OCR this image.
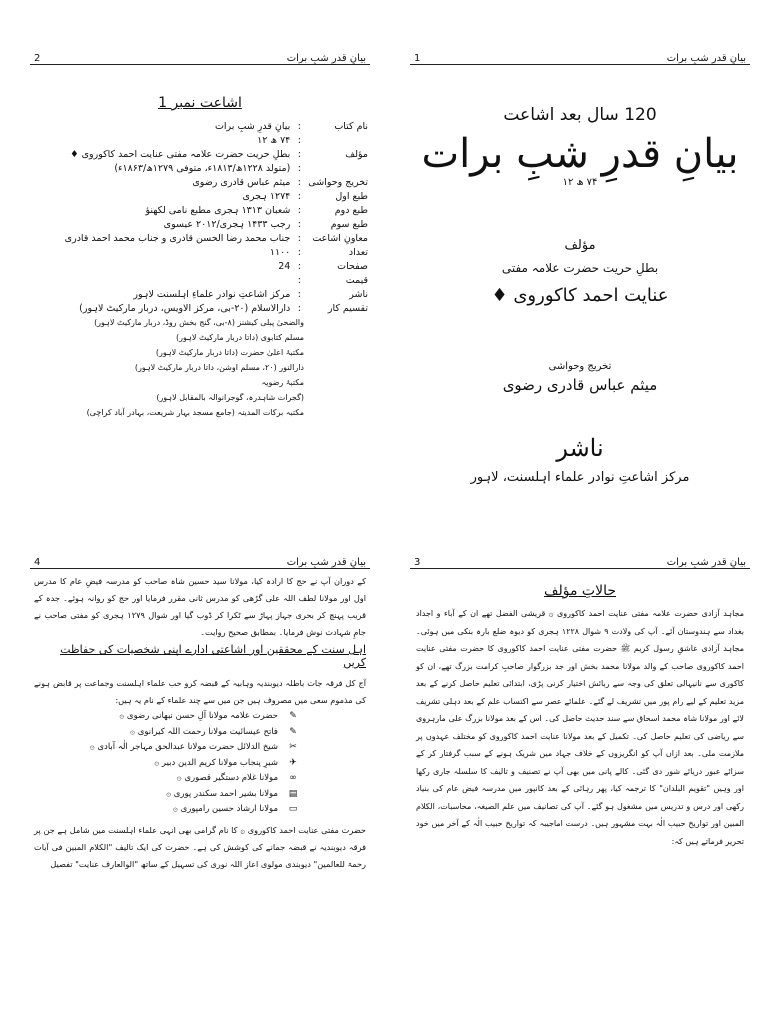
2	بیانِ قدرِ شبِ برات
اشاعت نمبر 1
نام کتاب	:	بیانِ قدرِ شبِ برات
	:	۷۴ ھ ۱۲
مؤلف	:	بطلِ حریت حضرت علامہ مفتی عنایت احمد کاکوروی ♦
	:	(متولد ۱۲۲۸ھ/۱۸۱۳ء، متوفی ۱۲۷۹ھ/۱۸۶۳ء)
تخریج وحواشی	:	میثم عباس قادری رضوی
طبع اول	:	۱۲۷۴ ہجری
طبع دوم	:	شعبان ۱۳۱۳ ہجری مطبع نامی لکھنؤ
طبع سوم	:	رجب ۱۴۳۳ ہجری/۲۰۱۲ عیسوی
معاونِ اشاعت	:	جناب محمد رضا الحسن قادری و جناب محمد احمد قادری
تعداد	:	۱۱۰۰
صفحات	:	24
قیمت	:	
ناشر	:	مرکز اشاعتِ نوادر علماءِ اہلسنت لاہور
تقسیم کار	:	دارالاسلام (۲۰-بی، مرکز الاویس، دربار مارکیٹ لاہور)
والضحیٰ پبلی کیشنز (۸-بی، گنج بخش روڈ، دربار مارکیٹ لاہور)
مسلم کتابوی (داتا دربار مارکیٹ لاہور)
مکتبۂ اعلیٰ حضرت (داتا دربار مارکیٹ لاہور)
دارالنور (۲۰، مسلم اوشن، داتا دربار مارکیٹ لاہور)
مکتبۂ رضویہ
(گجرات شاہدرہ، گوجرانوالہ بالمقابل لاہور)
مکتبہ برکات المدینہ (جامع مسجد بہار شریعت، بہادر آباد کراچی)
1	بیانِ قدرِ شبِ برات
120 سال بعد اشاعت
بیانِ قدرِ شبِ برات
۷۴ ھ ۱۲
مؤلف
بطلِ حریت حضرت علامہ مفتی
عنایت احمد کاکوروی ♦
تخریج وحواشی
میثم عباس قادری رضوی
ناشر
مرکز اشاعتِ نوادر علماء اہلسنت، لاہور
4	بیانِ قدرِ شبِ برات
کے دوران آپ نے حج کا ارادہ کیا، مولانا سید حسین شاہ صاحب کو مدرسہ فیضِ عام کا مدرس اول اور مولانا لطف اللہ علی گڑھی کو مدرس ثانی مقرر فرمایا اور حج کو روانہ ہوئے۔ جدہ کے قریب پہنچ کر بحری جہاز پہاڑ سے ٹکرا کر ڈوب گیا اور شوال ۱۲۷۹ ہجری کو مفتی صاحب نے جامِ شہادت نوش فرمایا۔ بمطابق صحیح روایت۔
اہل سنت کے محققین اور اشاعتی ادارے اپنی شخصیات کی حفاظت کریں
آج کل فرقہ جات باطلہ دیوبندیہ وہابیہ کے قبضہ کرو حب علماء اہلسنت وجماعت پر قابض ہونے کی مذموم سعی میں مصروف ہیں جن میں سے چند علماء کے نام یہ ہیں:
✎
حضرت علامہ مولانا آلِ حسن نبھانی رضوی ۞
✎
فاتح عیسائیت مولانا رحمت اللہ کیرانوی ۞
✂
شیخ الدلائل حضرت مولانا عبدالحق مہاجر الٰہ آبادی ۞
✈
شیرِ پنجاب مولانا کریم الدین دبیر ۞
∞
مولانا غلام دستگیر قصوری ۞
▤
مولانا بشیر احمد سکندر پوری ۞
▭
مولانا ارشاد حسین رامپوری ۞
حضرت مفتی عنایت احمد کاکوروی ۞ کا نام گرامی بھی انہی علماء اہلسنت میں شامل ہے جن پر فرقہ دیوبندیہ نے قبضہ جمانے کی کوشش کی ہے۔ حضرت کی ایک تالیف "الکلام المبین فی آیات رحمۃ للعالمین" دیوبندی مولوی اعاز اللہ نوری کی تسہیل کے ساتھ "الوالعارف عنایت" تفصیل
3	بیانِ قدرِ شبِ برات
حالاتِ مؤلف
مجاہد آزادی حضرت علامہ مفتی عنایت احمد کاکوروی ۞ قریشی الفضل تھے ان کے آباء و اجداد بغداد سے ہندوستان آئے۔ آپ کی ولادت ۹ شوال ۱۲۲۸ ہجری کو دیوہ ضلع بارہ بنکی میں ہوئی۔ مجاہد آزادی عاشقِ رسول کریم ﷺ حضرت مفتی عنایت احمد کاکوروی کا حضرت مفتی عنایت احمد کاکوروی صاحب کے والد مولانا محمد بخش اور جد بزرگوار صاحبِ کرامت بزرگ تھے، ان کو کاکوری سے نانیہالی تعلق کی وجہ سے ربائش اختیار کرنی پڑی، ابتدائی تعلیم حاصل کرنے کے بعد مزید تعلیم کے لیے رام پور میں تشریف لے گئے۔ علمائے عصر سے اکتساب علم کے بعد دہلی تشریف لائے اور مولانا شاہ محمد اسحاق سے سند حدیث حاصل کی۔ اس کے بعد مولانا بزرگ علی مارہروی سے ریاضی کی تعلیم حاصل کی۔ تکمیل کے بعد مولانا عنایت احمد کاکوروی کو مختلف عہدوں پر ملازمت ملی۔ بعد ازاں آپ کو انگریزوں کے خلاف جہاد میں شریک ہونے کے سبب گرفتار کر کے سزائے عبور دریائے شور دی گئی۔ کالے پانی میں بھی آپ نے تصنیف و تالیف کا سلسلہ جاری رکھا اور وہیں "تقویم البلدان" کا ترجمہ کیا، پھر رہائی کے بعد کانپور میں مدرسہ فیض عام کی بنیاد رکھی اور درس و تدریس میں مشغول ہو گئے۔ آپ کی تصانیف میں علم الصیغہ، محاسبات، الکلام المبین اور تواریخ حبیب الٰہ بہت مشہور ہیں۔ درست اماجیبہ کہ تواریخ حبیب الٰہ کے آخر میں خود تحریر فرماتے ہیں کہ:
